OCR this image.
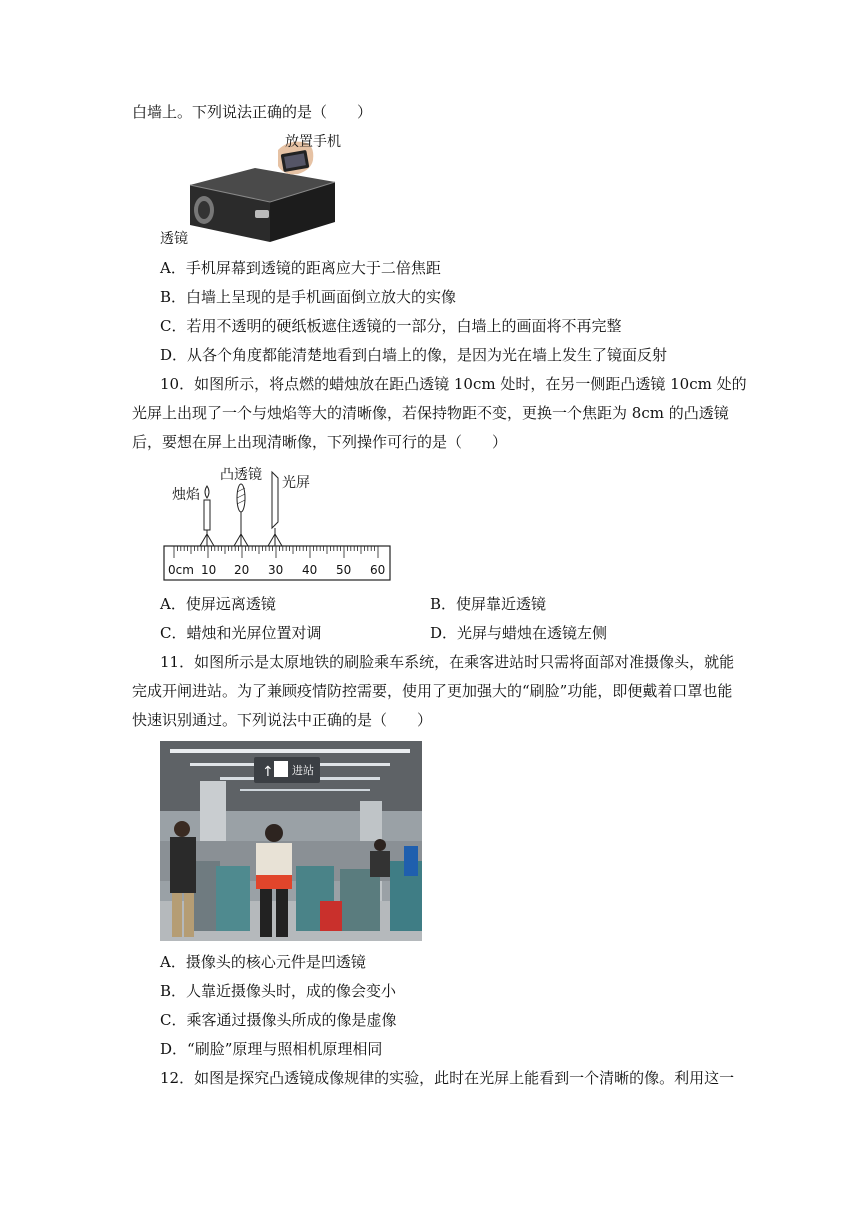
白墙上。下列说法正确的是（　　）
放置手机
透镜
A．手机屏幕到透镜的距离应大于二倍焦距
B．白墙上呈现的是手机画面倒立放大的实像
C．若用不透明的硬纸板遮住透镜的一部分，白墙上的画面将不再完整
D．从各个角度都能清楚地看到白墙上的像，是因为光在墙上发生了镜面反射
10．如图所示，将点燃的蜡烛放在距凸透镜 10cm 处时，在另一侧距凸透镜 10cm 处的
光屏上出现了一个与烛焰等大的清晰像，若保持物距不变，更换一个焦距为 8cm 的凸透镜
后，要想在屏上出现清晰像，下列操作可行的是（　　）
烛焰
凸透镜 光屏
0cm 10 20 30 40 50 60
A．使屏远离透镜	B．使屏靠近透镜
C．蜡烛和光屏位置对调	D．光屏与蜡烛在透镜左侧
11．如图所示是太原地铁的刷脸乘车系统，在乘客进站时只需将面部对准摄像头，就能
完成开闸进站。为了兼顾疫情防控需要，使用了更加强大的“刷脸”功能，即便戴着口罩也能
快速识别通过。下列说法中正确的是（　　）
↑ 进站
A．摄像头的核心元件是凹透镜
B．人靠近摄像头时，成的像会变小
C．乘客通过摄像头所成的像是虚像
D．“刷脸”原理与照相机原理相同
12．如图是探究凸透镜成像规律的实验，此时在光屏上能看到一个清晰的像。利用这一
